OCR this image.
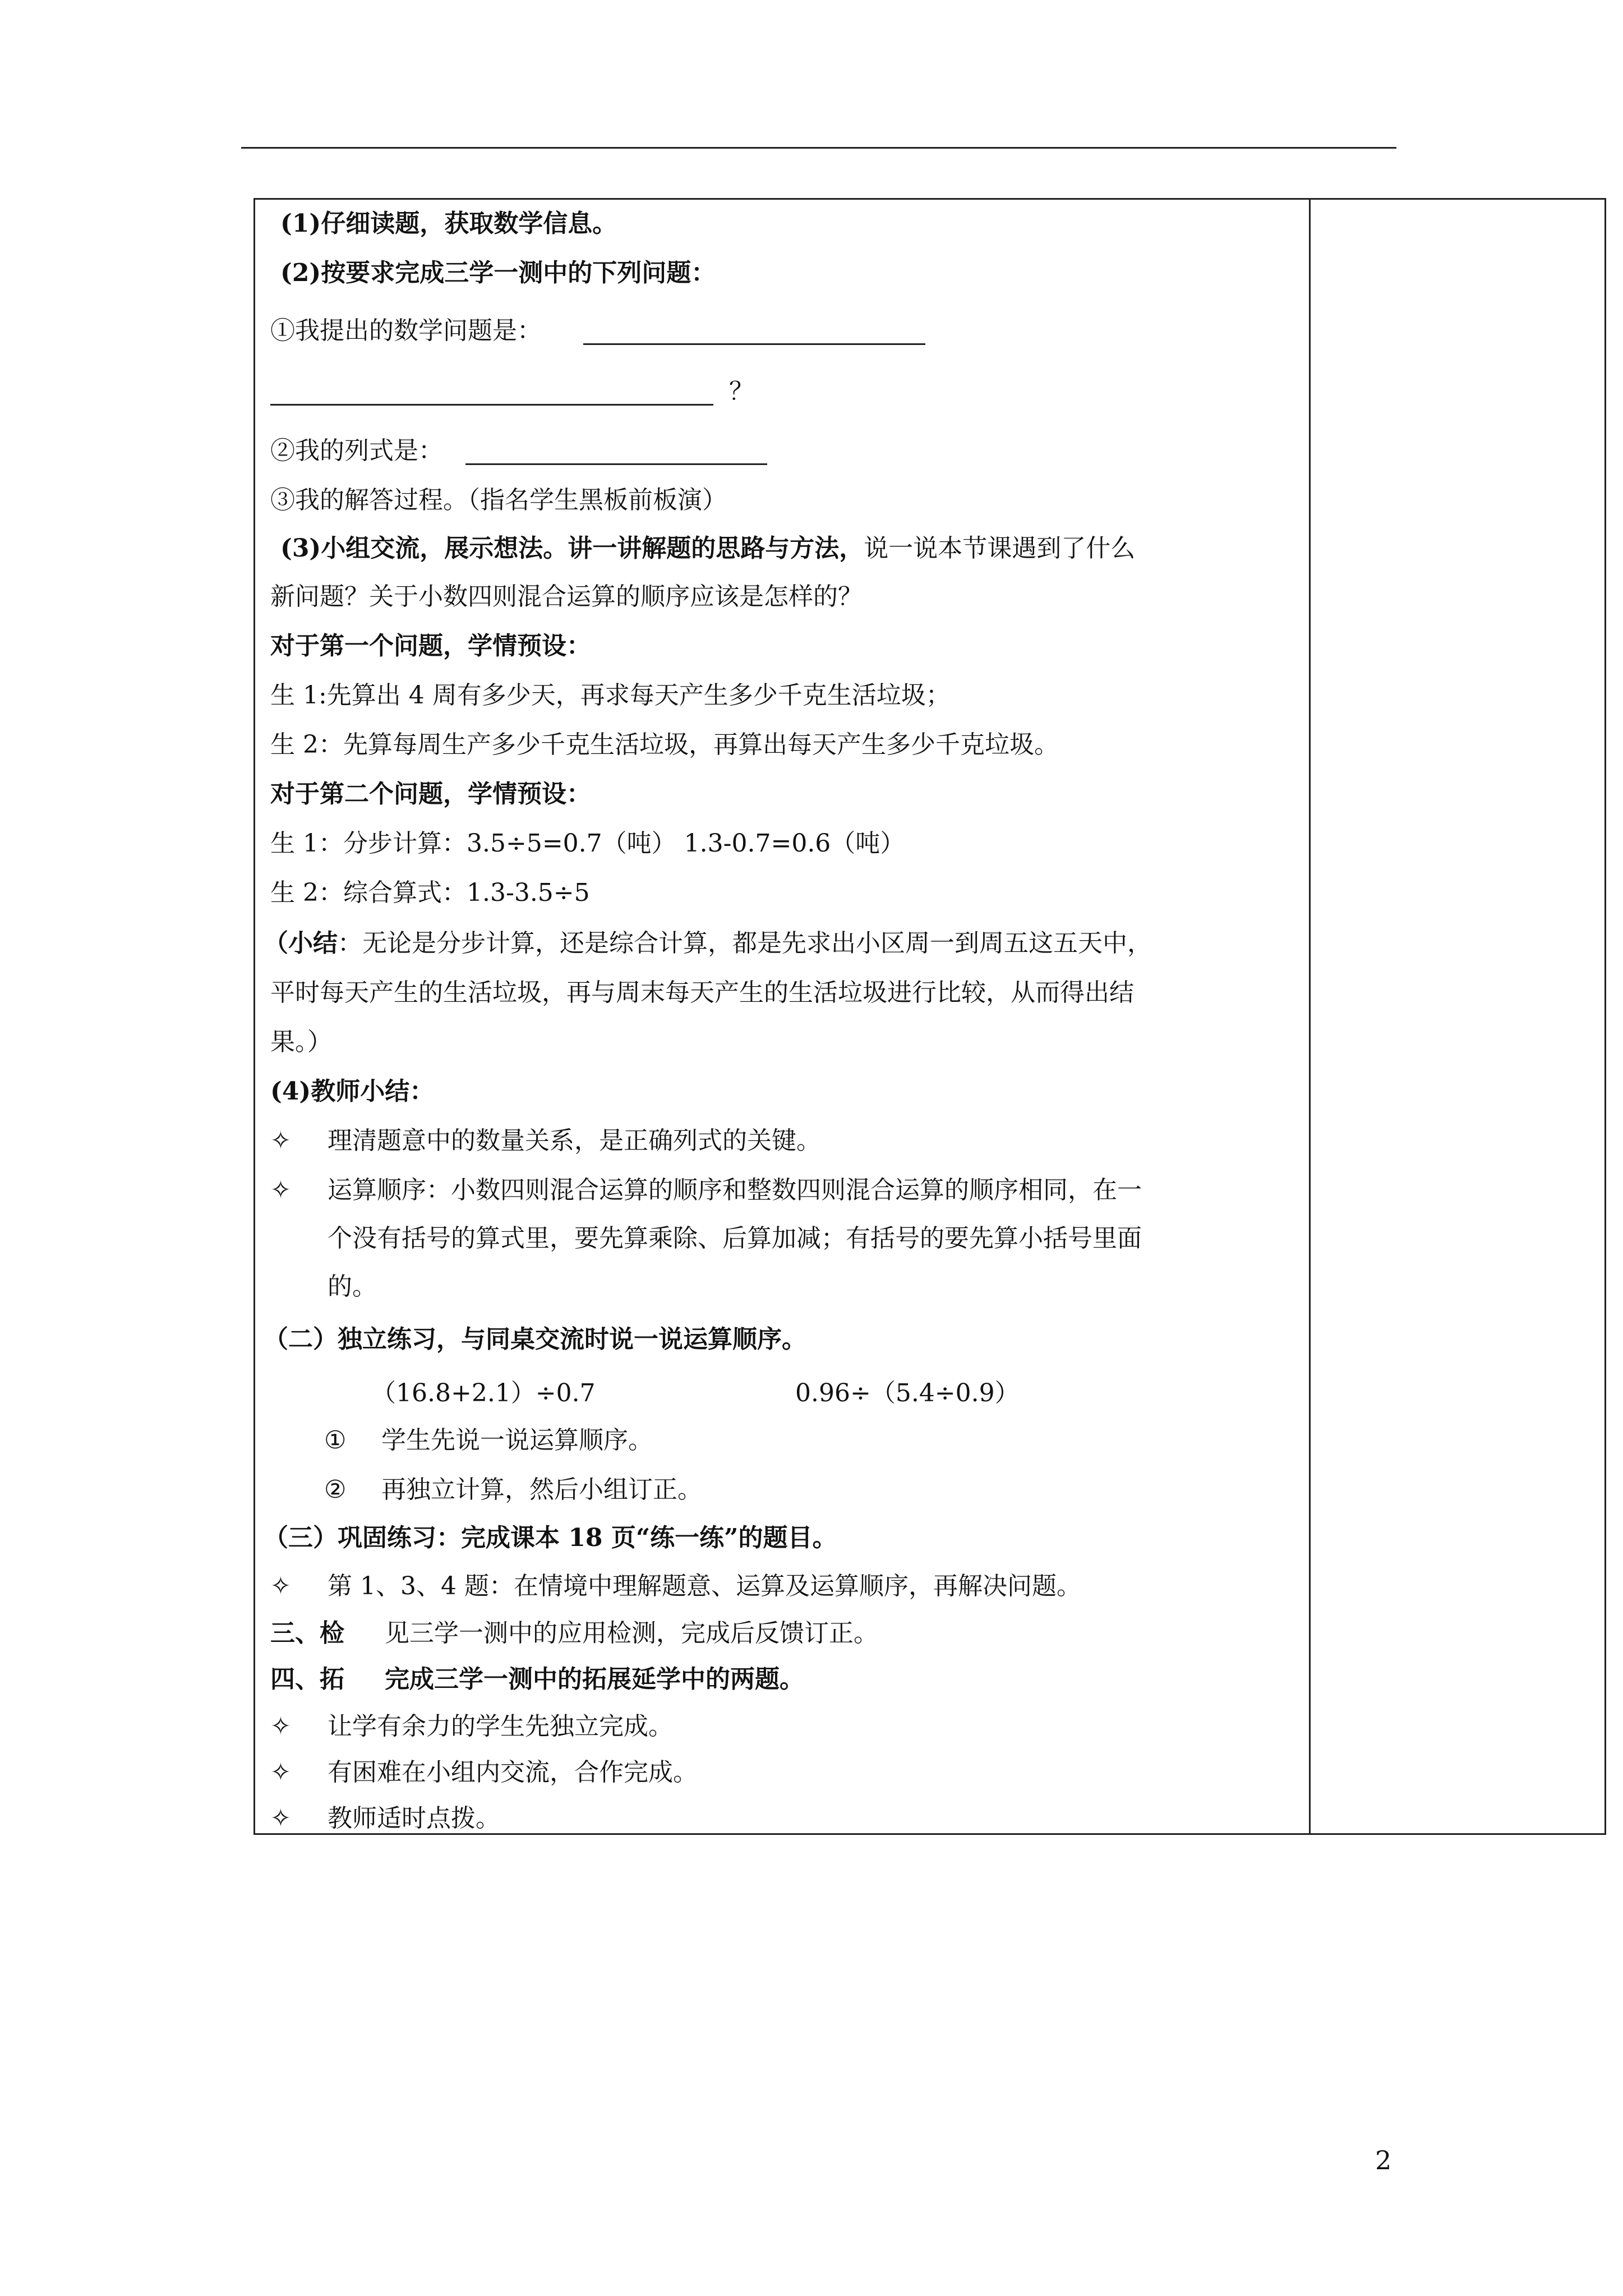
(1)仔细读题，获取数学信息。
(2)按要求完成三学一测中的下列问题：
①我提出的数学问题是：
？
②我的列式是：
③我的解答过程。（指名学生黑板前板演）
(3)小组交流，展示想法。讲一讲解题的思路与方法，说一说本节课遇到了什么
新问题？关于小数四则混合运算的顺序应该是怎样的？
对于第一个问题，学情预设：
生 1:先算出 4 周有多少天，再求每天产生多少千克生活垃圾；
生 2：先算每周生产多少千克生活垃圾，再算出每天产生多少千克垃圾。
对于第二个问题，学情预设：
生 1：分步计算：3.5÷5=0.7（吨） 1.3-0.7=0.6（吨）
生 2：综合算式：1.3-3.5÷5
（小结：无论是分步计算，还是综合计算，都是先求出小区周一到周五这五天中，
平时每天产生的生活垃圾，再与周末每天产生的生活垃圾进行比较，从而得出结
果。）
(4)教师小结：
✧ 理清题意中的数量关系，是正确列式的关键。
✧ 运算顺序：小数四则混合运算的顺序和整数四则混合运算的顺序相同，在一
个没有括号的算式里，要先算乘除、后算加减；有括号的要先算小括号里面
的。
（二）独立练习，与同桌交流时说一说运算顺序。
（16.8+2.1）÷0.7	0.96÷（5.4÷0.9）
① 学生先说一说运算顺序。
② 再独立计算，然后小组订正。
（三）巩固练习：完成课本 18 页“练一练”的题目。
✧ 第 1、3、4 题：在情境中理解题意、运算及运算顺序，再解决问题。
三、检 见三学一测中的应用检测，完成后反馈订正。
四、拓 完成三学一测中的拓展延学中的两题。
✧ 让学有余力的学生先独立完成。
✧ 有困难在小组内交流，合作完成。
✧ 教师适时点拨。
2
